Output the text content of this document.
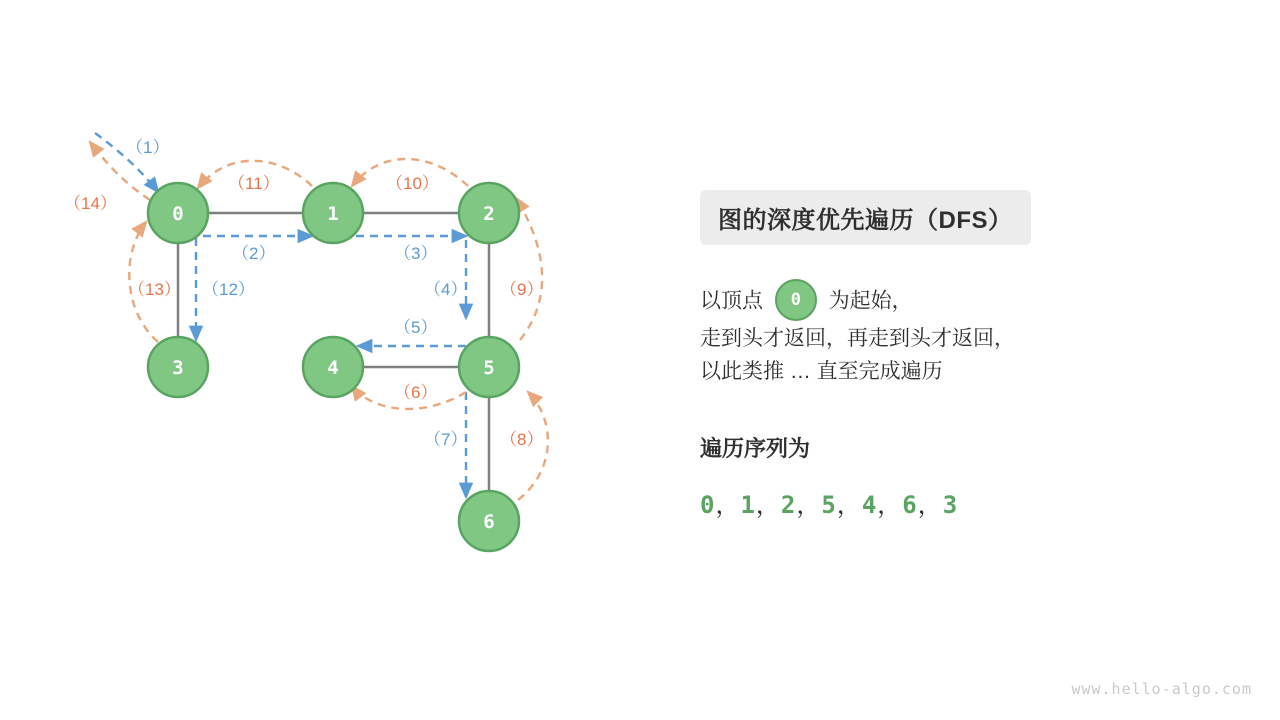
0	1	2
3	4	5
6
（1）
（2）	（3）
（4）
（5）
（6）
（7） （8）
（9）
（10）
（11）
（12）
（13）
（14）
图的深度优先遍历（DFS）
以顶点 0 为起始，
走到头才返回，再走到头才返回，
以此类推 … 直至完成遍历
遍历序列为
0，1，2，5，4，6，3
www.hello-algo.com
